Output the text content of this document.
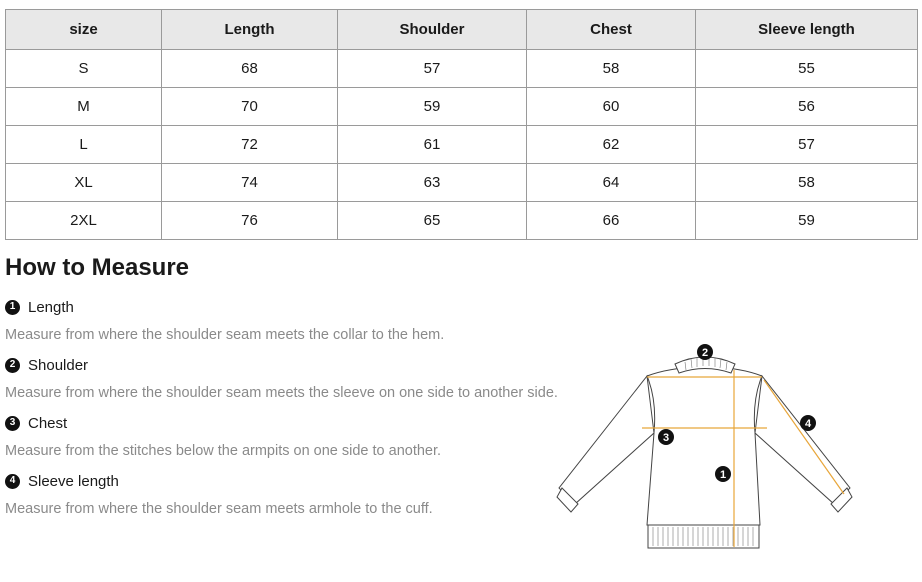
size	Length	Shoulder	Chest	Sleeve length
S	68	57	58	55
M	70	59	60	56
L	72	61	62	57
XL	74	63	64	58
2XL	76	65	66	59
How to Measure
1 Length
Measure from where the shoulder seam meets the collar to the hem.
2 Shoulder
Measure from where the shoulder seam meets the sleeve on one side to another side.
3 Chest
Measure from the stitches below the armpits on one side to another.
4 Sleeve length
Measure from where the shoulder seam meets armhole to the cuff.
2
3
1
4
